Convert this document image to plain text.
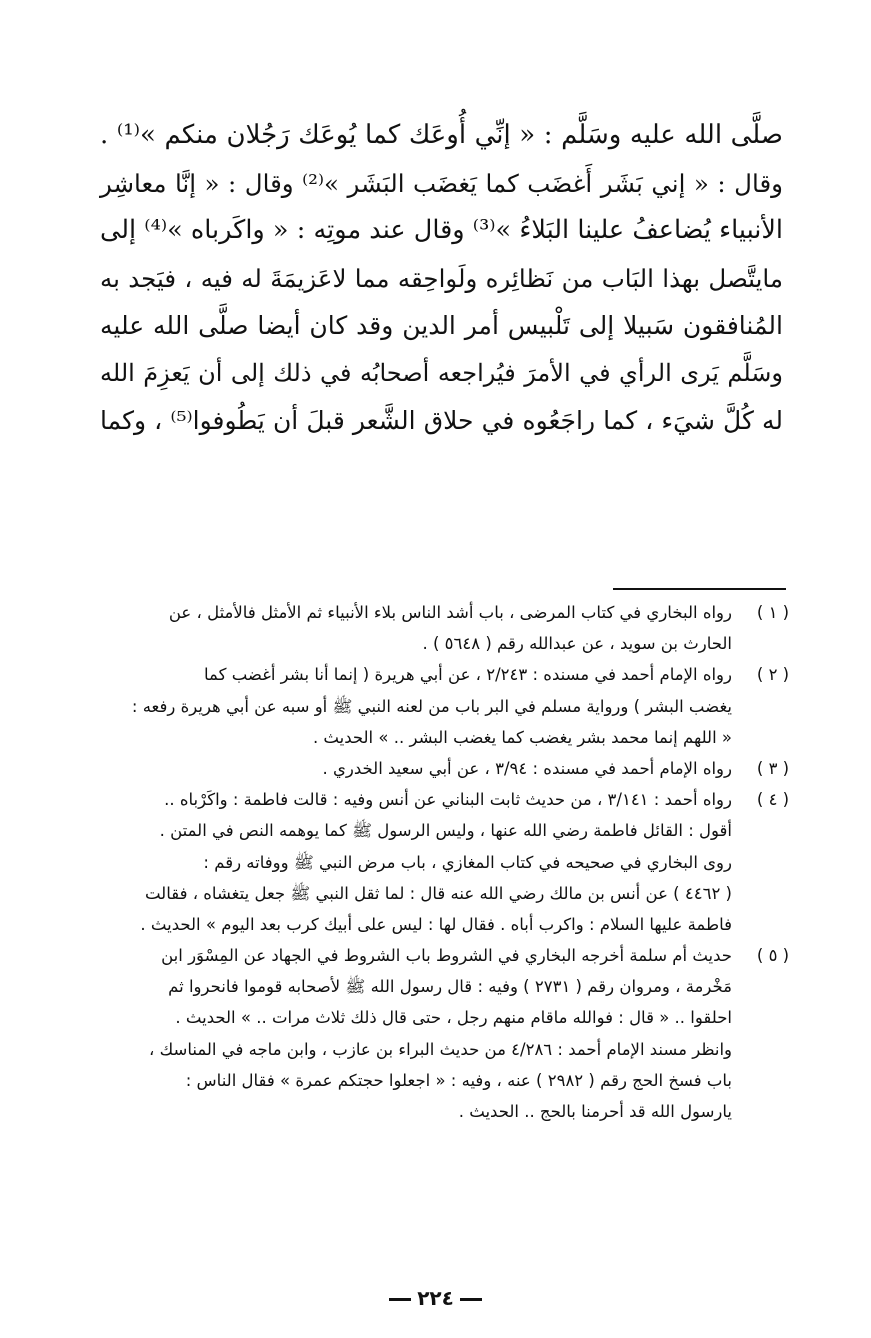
صلَّى الله عليه وسَلَّم : « إنِّي أُوعَك كما يُوعَك رَجُلان منكم »⁽¹⁾ .
وقال : « إني بَشَر أَغضَب كما يَغضَب البَشَر »⁽²⁾ وقال : « إنَّا معاشِر
الأنبياء يُضاعفُ علينا البَلاءُ »⁽³⁾ وقال عند موتِه : « واكَرباه »⁽⁴⁾ إلى
مايتَّصل بهذا البَاب من نَظائِره ولَواحِقه مما لاعَزيمَةَ له فيه ، فيَجد به
المُنافقون سَبيلا إلى تَلْبيس أمر الدين وقد كان أيضا صلَّى الله عليه
وسَلَّم يَرى الرأي في الأمرَ فيُراجعه أصحابُه في ذلك إلى أن يَعزِمَ الله
له كُلَّ شيَء ، كما راجَعُوه في حلاق الشَّعر قبلَ أن يَطُوفوا⁽⁵⁾ ، وكما
( ١ )
رواه البخاري في كتاب المرضى ، باب أشد الناس بلاء الأنبياء ثم الأمثل فالأمثل ، عن
الحارث بن سويد ، عن عبدالله رقم ( ٥٦٤٨ ) .
( ٢ )
رواه الإمام أحمد في مسنده : ٢/٢٤٣ ، عن أبي هريرة ( إنما أنا بشر أغضب كما
يغضب البشر ) ورواية مسلم في البر باب من لعنه النبي ﷺ أو سبه عن أبي هريرة رفعه :
« اللهم إنما محمد بشر يغضب كما يغضب البشر .. » الحديث .
( ٣ )
رواه الإمام أحمد في مسنده : ٣/٩٤ ، عن أبي سعيد الخدري .
( ٤ )
رواه أحمد : ٣/١٤١ ، من حديث ثابت البناني عن أنس وفيه : قالت فاطمة : واكَرْباه ..
أقول : القائل فاطمة رضي الله عنها ، وليس الرسول ﷺ كما يوهمه النص في المتن .
روى البخاري في صحيحه في كتاب المغازي ، باب مرض النبي ﷺ ووفاته رقم :
( ٤٤٦٢ ) عن أنس بن مالك رضي الله عنه قال : لما ثقل النبي ﷺ جعل يتغشاه ، فقالت
فاطمة عليها السلام : واكرب أباه . فقال لها : ليس على أبيك كرب بعد اليوم » الحديث .
( ٥ )
حديث أم سلمة أخرجه البخاري في الشروط باب الشروط في الجهاد عن المِسْوَر ابن
مَخْرمة ، ومروان رقم ( ٢٧٣١ ) وفيه : قال رسول الله ﷺ لأصحابه قوموا فانحروا ثم
احلقوا .. « قال : فوالله ماقام منهم رجل ، حتى قال ذلك ثلاث مرات .. » الحديث .
وانظر مسند الإمام أحمد : ٤/٢٨٦ من حديث البراء بن عازب ، وابن ماجه في المناسك ،
باب فسخ الحج رقم ( ٢٩٨٢ ) عنه ، وفيه : « اجعلوا حجتكم عمرة » فقال الناس :
يارسول الله قد أحرمنا بالحج .. الحديث .
٢٢٤
